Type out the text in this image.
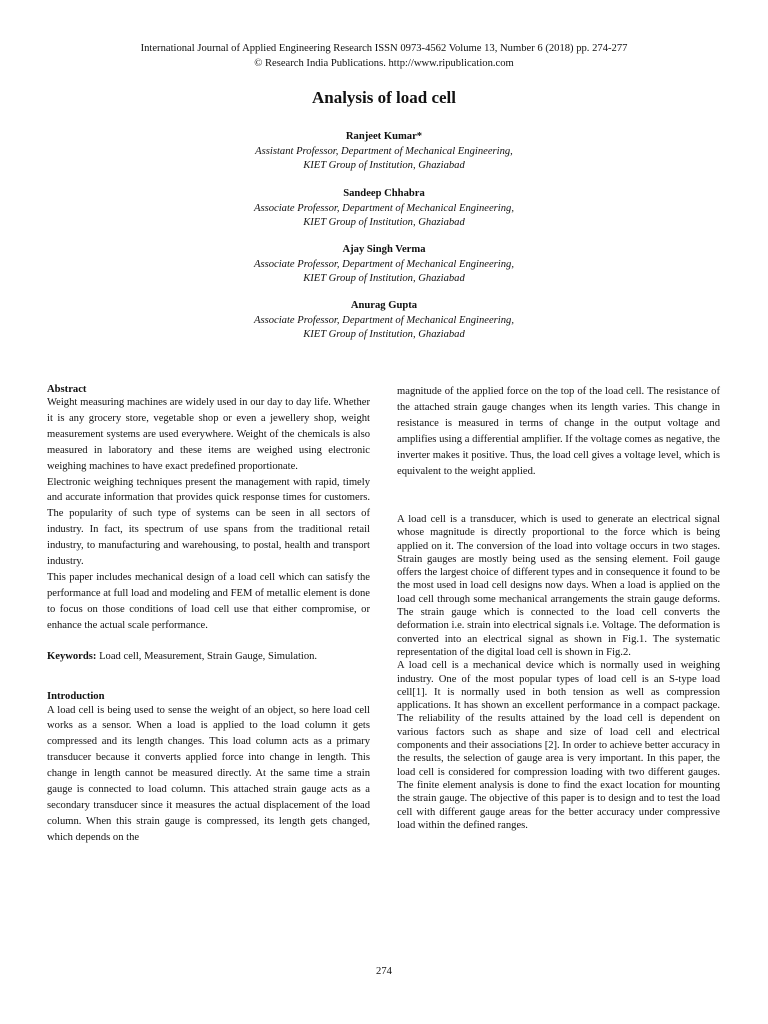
International Journal of Applied Engineering Research ISSN 0973-4562 Volume 13, Number 6 (2018) pp. 274-277
© Research India Publications. http://www.ripublication.com
Analysis of load cell
Ranjeet Kumar*
Assistant Professor, Department of Mechanical Engineering,
KIET Group of Institution, Ghaziabad
Sandeep Chhabra
Associate Professor, Department of Mechanical Engineering,
KIET Group of Institution, Ghaziabad
Ajay Singh Verma
Associate Professor, Department of Mechanical Engineering,
KIET Group of Institution, Ghaziabad
Anurag Gupta
Associate Professor, Department of Mechanical Engineering,
KIET Group of Institution, Ghaziabad

Abstract

Weight measuring machines are widely used in our day to day life. Whether it is any grocery store, vegetable shop or even a jewellery shop, weight measurement systems are used everywhere. Weight of the chemicals is also measured in laboratory and these items are weighed using electronic weighing machines to have exact predefined proportionate.

Electronic weighing techniques present the management with rapid, timely and accurate information that provides quick response times for customers. The popularity of such type of systems can be seen in all sectors of industry. In fact, its spectrum of use spans from the traditional retail industry, to manufacturing and warehousing, to postal, health and transport industry.

This paper includes mechanical design of a load cell which can satisfy the performance at full load and modeling and FEM of metallic element is done to focus on those conditions of load cell use that either compromise, or enhance the actual scale performance.

Keywords: Load cell, Measurement, Strain Gauge, Simulation.

Introduction

A load cell is being used to sense the weight of an object, so here load cell works as a sensor. When a load is applied to the load column it gets compressed and its length changes. This load column acts as a primary transducer because it converts applied force into change in length. This change in length cannot be measured directly. At the same time a strain gauge is connected to load column. This attached strain gauge acts as a secondary transducer since it measures the actual displacement of the load column. When this strain gauge is compressed, its length gets changed, which depends on the

magnitude of the applied force on the top of the load cell. The resistance of the attached strain gauge changes when its length varies. This change in resistance is measured in terms of change in the output voltage and amplifies using a differential amplifier. If the voltage comes as negative, the inverter makes it positive. Thus, the load cell gives a voltage level, which is equivalent to the weight applied.

A load cell is a transducer, which is used to generate an electrical signal whose magnitude is directly proportional to the force which is being applied on it. The conversion of the load into voltage occurs in two stages. Strain gauges are mostly being used as the sensing element. Foil gauge offers the largest choice of different types and in consequence it found to be the most used in load cell designs now days. When a load is applied on the load cell through some mechanical arrangements the strain gauge deforms. The strain gauge which is connected to the load cell converts the deformation i.e. strain into electrical signals i.e. Voltage. The deformation is converted into an electrical signal as shown in Fig.1. The systematic representation of the digital load cell is shown in Fig.2.

A load cell is a mechanical device which is normally used in weighing industry. One of the most popular types of load cell is an S-type load cell[1]. It is normally used in both tension as well as compression applications. It has shown an excellent performance in a compact package. The reliability of the results attained by the load cell is dependent on various factors such as shape and size of load cell and electrical components and their associations [2]. In order to achieve better accuracy in the results, the selection of gauge area is very important. In this paper, the load cell is considered for compression loading with two different gauges. The finite element analysis is done to find the exact location for mounting the strain gauge. The objective of this paper is to design and to test the load cell with different gauge areas for the better accuracy under compressive load within the defined ranges.

274
